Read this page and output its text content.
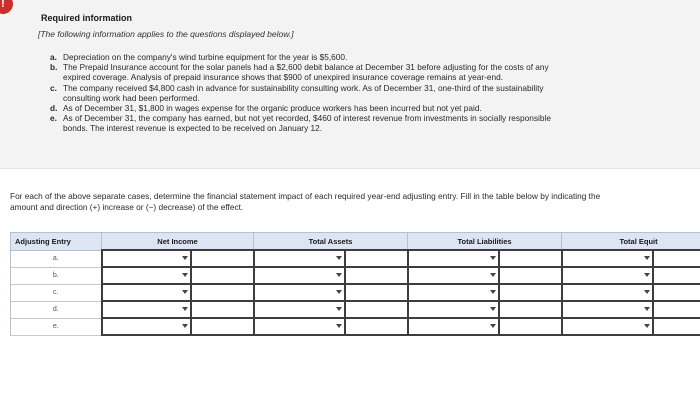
!
Required information
[The following information applies to the questions displayed below.]
a. Depreciation on the company's wind turbine equipment for the year is $5,600.
b. The Prepaid Insurance account for the solar panels had a $2,600 debit balance at December 31 before adjusting for the costs of any expired coverage. Analysis of prepaid insurance shows that $900 of unexpired insurance coverage remains at year-end.
c. The company received $4,800 cash in advance for sustainability consulting work. As of December 31, one-third of the sustainability consulting work had been performed.
d. As of December 31, $1,800 in wages expense for the organic produce workers has been incurred but not yet paid.
e. As of December 31, the company has earned, but not yet recorded, $460 of interest revenue from investments in socially responsible bonds. The interest revenue is expected to be received on January 12.
For each of the above separate cases, determine the financial statement impact of each required year-end adjusting entry. Fill in the table below by indicating the amount and direction (+) increase or (−) decrease) of the effect.
Adjusting Entry	Net Income		Total Assets		Total Liabilities		Total Equit	
a.								
b.								
c.								
d.								
e.								
